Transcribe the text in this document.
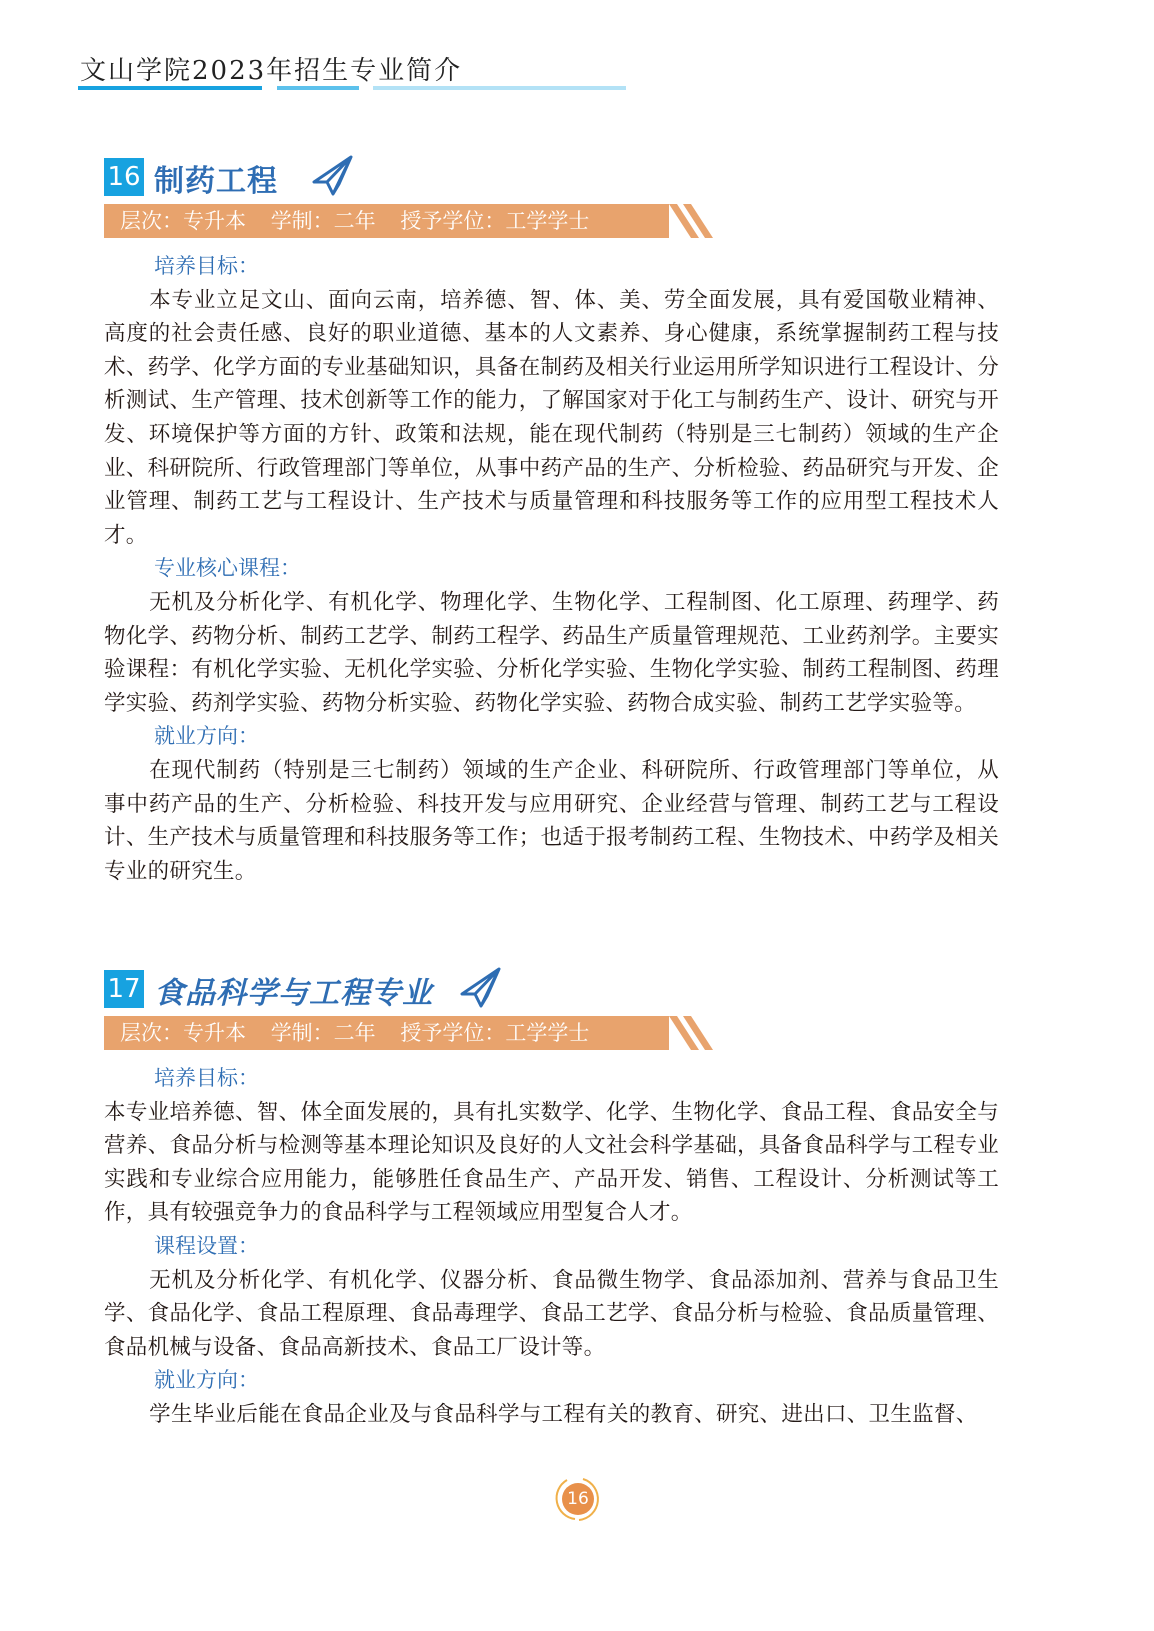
文山学院2023年招生专业简介
16 制药工程
层次：专升本 学制：二年 授予学位：工学学士
培养目标：
本专业立足文山、面向云南，培养德、智、体、美、劳全面发展，具有爱国敬业精神、高度的社会责任感、良好的职业道德、基本的人文素养、身心健康，系统掌握制药工程与技术、药学、化学方面的专业基础知识，具备在制药及相关行业运用所学知识进行工程设计、分析测试、生产管理、技术创新等工作的能力，了解国家对于化工与制药生产、设计、研究与开发、环境保护等方面的方针、政策和法规，能在现代制药（特别是三七制药）领域的生产企业、科研院所、行政管理部门等单位，从事中药产品的生产、分析检验、药品研究与开发、企业管理、制药工艺与工程设计、生产技术与质量管理和科技服务等工作的应用型工程技术人才。
专业核心课程：
无机及分析化学、有机化学、物理化学、生物化学、工程制图、化工原理、药理学、药物化学、药物分析、制药工艺学、制药工程学、药品生产质量管理规范、工业药剂学。主要实验课程：有机化学实验、无机化学实验、分析化学实验、生物化学实验、制药工程制图、药理学实验、药剂学实验、药物分析实验、药物化学实验、药物合成实验、制药工艺学实验等。
就业方向：
在现代制药（特别是三七制药）领域的生产企业、科研院所、行政管理部门等单位，从事中药产品的生产、分析检验、科技开发与应用研究、企业经营与管理、制药工艺与工程设计、生产技术与质量管理和科技服务等工作；也适于报考制药工程、生物技术、中药学及相关专业的研究生。
17 食品科学与工程专业
层次：专升本 学制：二年 授予学位：工学学士
培养目标：
本专业培养德、智、体全面发展的，具有扎实数学、化学、生物化学、食品工程、食品安全与营养、食品分析与检测等基本理论知识及良好的人文社会科学基础，具备食品科学与工程专业实践和专业综合应用能力，能够胜任食品生产、产品开发、销售、工程设计、分析测试等工作，具有较强竞争力的食品科学与工程领域应用型复合人才。
课程设置：
无机及分析化学、有机化学、仪器分析、食品微生物学、食品添加剂、营养与食品卫生学、食品化学、食品工程原理、食品毒理学、食品工艺学、食品分析与检验、食品质量管理、食品机械与设备、食品高新技术、食品工厂设计等。
就业方向：
学生毕业后能在食品企业及与食品科学与工程有关的教育、研究、进出口、卫生监督、
16
